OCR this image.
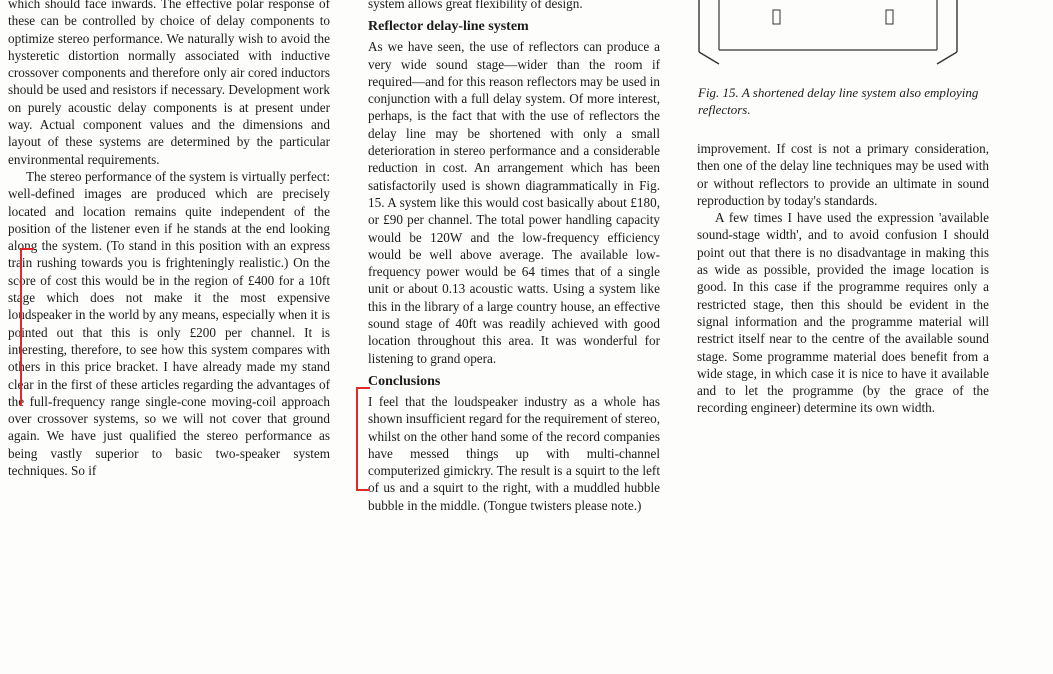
which should face inwards. The effective polar response of these can be controlled by choice of delay components to optimize stereo performance. We naturally wish to avoid the hysteretic distortion normally associated with inductive crossover components and therefore only air cored inductors should be used and resistors if necessary. Development work on purely acoustic delay components is at present under way. Actual component values and the dimensions and layout of these systems are determined by the particular environmental requirements.

The stereo performance of the system is virtually perfect: well-defined images are produced which are precisely located and location remains quite independent of the position of the listener even if he stands at the end looking along the system. (To stand in this position with an express train rushing towards you is frighteningly realistic.) On the score of cost this would be in the region of £400 for a 10ft stage which does not make it the most expensive loudspeaker in the world by any means, especially when it is pointed out that this is only £200 per channel. It is interesting, therefore, to see how this system compares with others in this price bracket. I have already made my stand clear in the first of these articles regarding the advantages of the full-frequency range single-cone moving-coil approach over crossover systems, so we will not cover that ground again. We have just qualified the stereo performance as being vastly superior to basic two-speaker system techniques. So if

system allows great flexibility of design.

Reflector delay-line system

As we have seen, the use of reflectors can produce a very wide sound stage—wider than the room if required—and for this reason reflectors may be used in conjunction with a full delay system. Of more interest, perhaps, is the fact that with the use of reflectors the delay line may be shortened with only a small deterioration in stereo performance and a considerable reduction in cost. An arrangement which has been satisfactorily used is shown diagrammatically in Fig. 15. A system like this would cost basically about £180, or £90 per channel. The total power handling capacity would be 120W and the low-frequency efficiency would be well above average. The available low-frequency power would be 64 times that of a single unit or about 0.13 acoustic watts. Using a system like this in the library of a large country house, an effective sound stage of 40ft was readily achieved with good location throughout this area. It was wonderful for listening to grand opera.

Conclusions

I feel that the loudspeaker industry as a whole has shown insufficient regard for the requirement of stereo, whilst on the other hand some of the record companies have messed things up with multi-channel computerized gimickry. The result is a squirt to the left of us and a squirt to the right, with a muddled hubble bubble in the middle. (Tongue twisters please note.)

Fig. 15. A shortened delay line system also employing reflectors.

improvement. If cost is not a primary consideration, then one of the delay line techniques may be used with or without reflectors to provide an ultimate in sound reproduction by today's standards.

A few times I have used the expression 'available sound-stage width', and to avoid confusion I should point out that there is no disadvantage in making this as wide as possible, provided the image location is good. In this case if the programme requires only a restricted stage, then this should be evident in the signal information and the programme material will restrict itself near to the centre of the available sound stage. Some programme material does benefit from a wide stage, in which case it is nice to have it available and to let the programme (by the grace of the recording engineer) determine its own width.
